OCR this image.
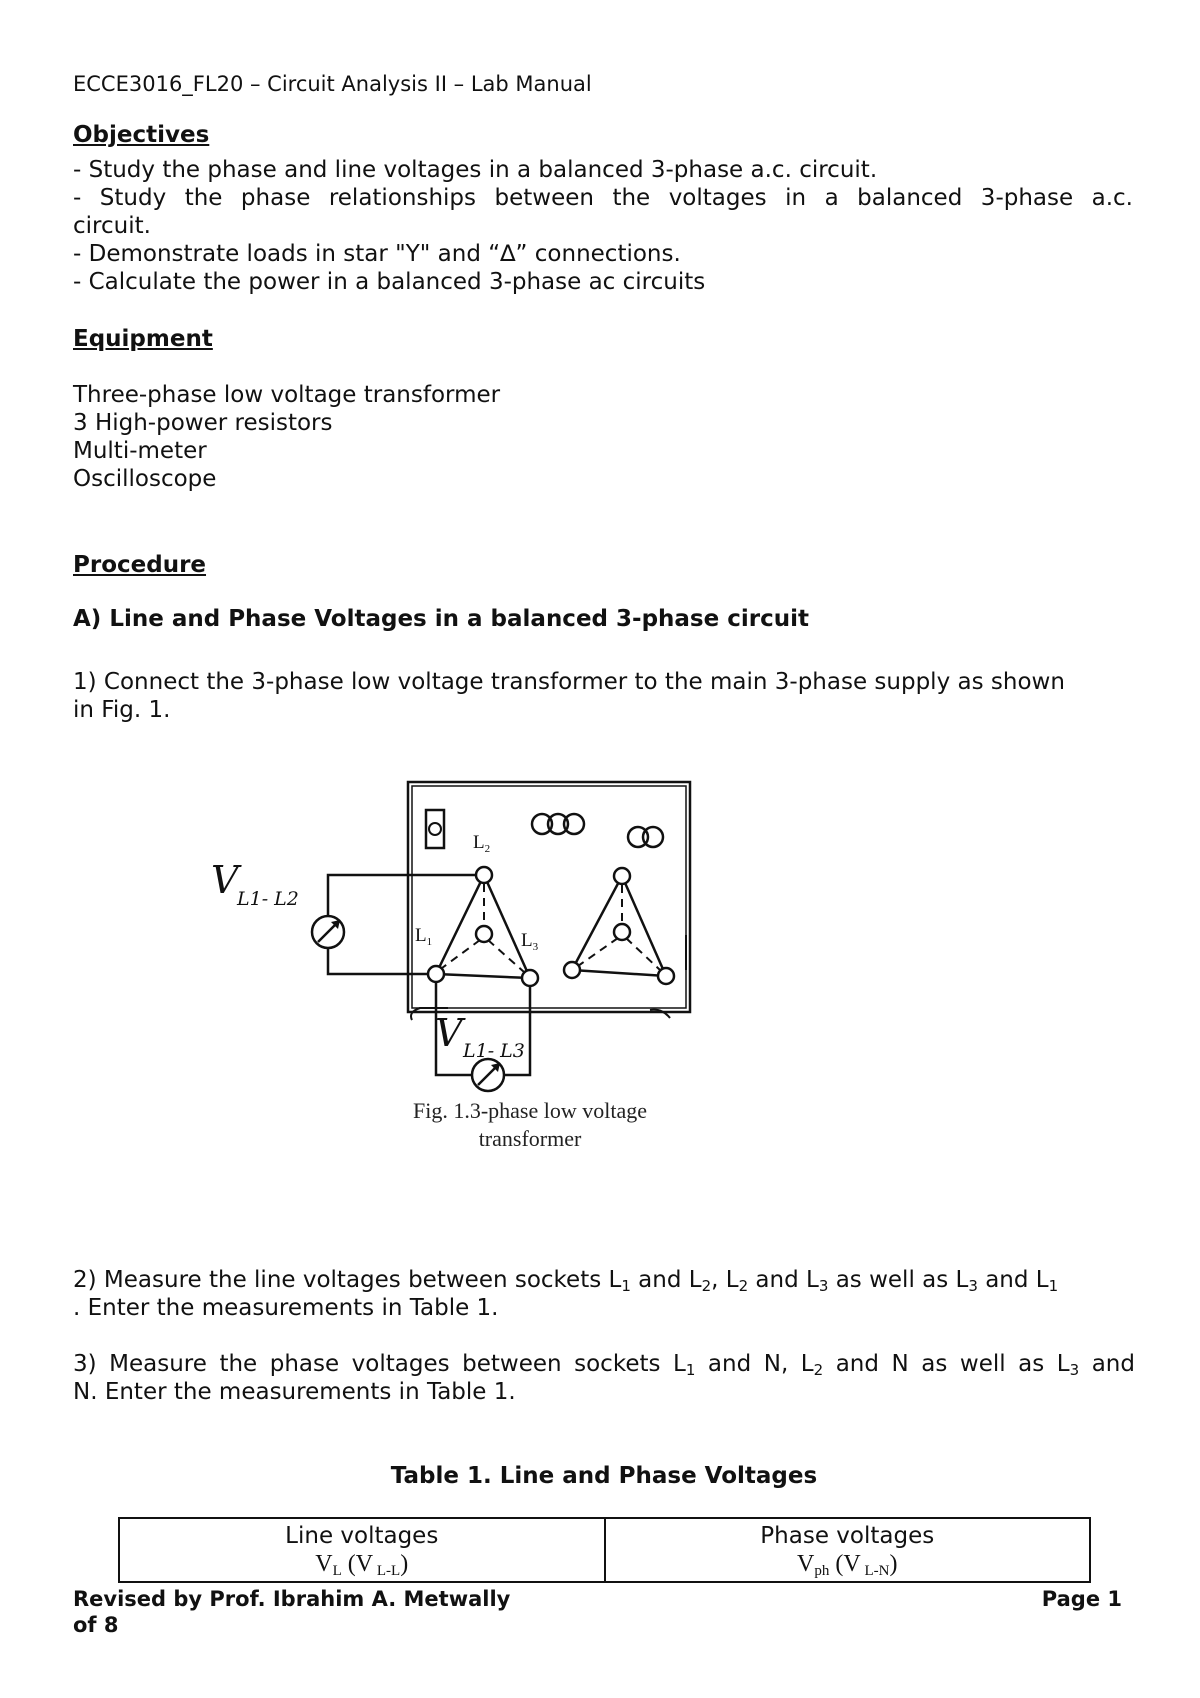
ECCE3016_FL20 – Circuit Analysis II – Lab Manual
Objectives
- Study the phase and line voltages in a balanced 3-phase a.c. circuit.
- Study the phase relationships between the voltages in a balanced 3-phase a.c.
circuit.
- Demonstrate loads in star "Y" and “∆” connections.
- Calculate the power in a balanced 3-phase ac circuits
Equipment
Three-phase low voltage transformer
3 High-power resistors
Multi-meter
Oscilloscope
Procedure
A) Line and Phase Voltages in a balanced 3-phase circuit
1) Connect the 3-phase low voltage transformer to the main 3-phase supply as shown
in Fig. 1.
V
L1- L2
V L1- L3
$L_2$
$L_1$	$L_3$
Fig. 1.3-phase low voltage
transformer
2) Measure the line voltages between sockets $L_1$ and $L_2$, $L_2$ and $L_3$ as well as $L_3$ and $L_1$
. Enter the measurements in Table 1.
3) Measure the phase voltages between sockets $L_1$ and N, $L_2$ and N as well as $L_3$ and
N. Enter the measurements in Table 1.
Table 1. Line and Phase Voltages
Line voltages
$V_L$ (V $_{L-L}$)

Phase voltages
$V_{ph}$ (V $_{L-N}$)
Revised by Prof. Ibrahim A. Metwally
of 8
Page 1
